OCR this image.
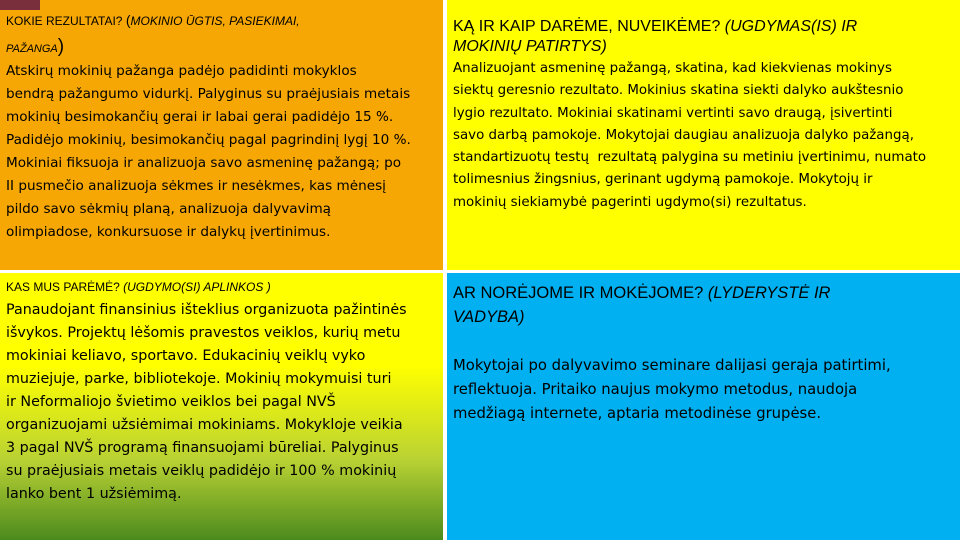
KOKIE REZULTATAI? (MOKINIO ŪGTIS, PASIEKIMAI,
PAŽANGA)
Atskirų mokinių pažanga padėjo padidinti mokyklos
bendrą pažangumo vidurkį. Palyginus su praėjusiais metais
mokinių besimokančių gerai ir labai gerai padidėjo 15 %.
Padidėjo mokinių, besimokančių pagal pagrindinį lygį 10 %.
Mokiniai fiksuoja ir analizuoja savo asmeninę pažangą; po
II pusmečio analizuoja sėkmes ir nesėkmes, kas mėnesį
pildo savo sėkmių planą, analizuoja dalyvavimą
olimpiadose, konkursuose ir dalykų įvertinimus.
KĄ IR KAIP DARĖME, NUVEIKĖME? (UGDYMAS(IS) IR
MOKINIŲ PATIRTYS)
Analizuojant asmeninę pažangą, skatina, kad kiekvienas mokinys
siektų geresnio rezultato. Mokinius skatina siekti dalyko aukštesnio
lygio rezultato. Mokiniai skatinami vertinti savo draugą, įsivertinti
savo darbą pamokoje. Mokytojai daugiau analizuoja dalyko pažangą,
standartizuotų testų  rezultatą palygina su metiniu įvertinimu, numato
tolimesnius žingsnius, gerinant ugdymą pamokoje. Mokytojų ir
mokinių siekiamybė pagerinti ugdymo(si) rezultatus.
KAS MUS PARĖMĖ? (UGDYMO(SI) APLINKOS )
Panaudojant finansinius išteklius organizuota pažintinės
išvykos. Projektų lėšomis pravestos veiklos, kurių metu
mokiniai keliavo, sportavo. Edukacinių veiklų vyko
muziejuje, parke, bibliotekoje. Mokinių mokymuisi turi
ir Neformaliojo švietimo veiklos bei pagal NVŠ
organizuojami užsiėmimai mokiniams. Mokykloje veikia
3 pagal NVŠ programą finansuojami būreliai. Palyginus
su praėjusiais metais veiklų padidėjo ir 100 % mokinių
lanko bent 1 užsiėmimą.
AR NORĖJOME IR MOKĖJOME? (LYDERYSTĖ IR
VADYBA)
Mokytojai po dalyvavimo seminare dalijasi gerąja patirtimi,
reflektuoja. Pritaiko naujus mokymo metodus, naudoja
medžiagą internete, aptaria metodinėse grupėse.
